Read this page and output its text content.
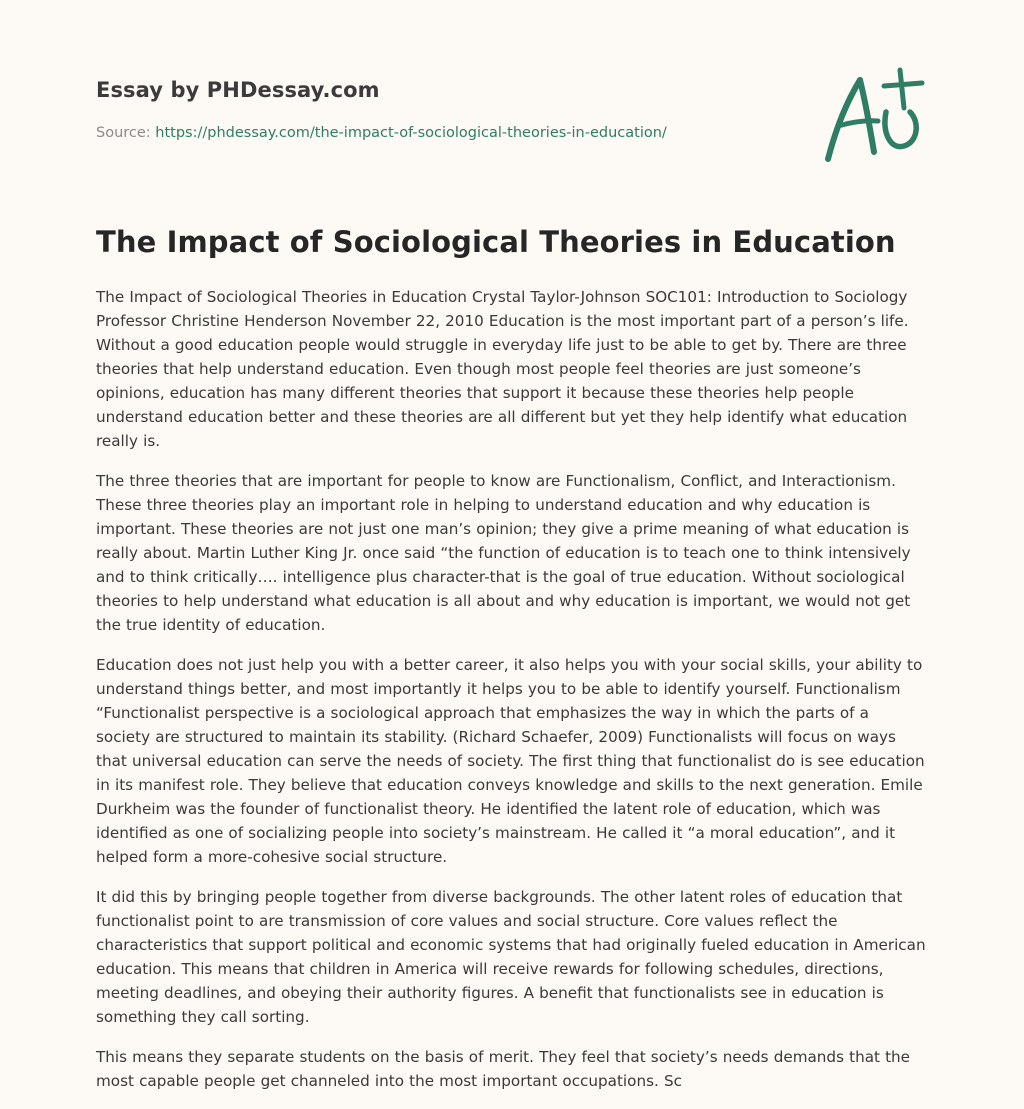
Essay by PHDessay.com
Source: https://phdessay.com/the-impact-of-sociological-theories-in-education/
The Impact of Sociological Theories in Education

The Impact of Sociological Theories in Education Crystal Taylor-Johnson SOC101: Introduction to Sociology Professor Christine Henderson November 22, 2010 Education is the most important part of a person’s life. Without a good education people would struggle in everyday life just to be able to get by. There are three theories that help understand education. Even though most people feel theories are just someone’s opinions, education has many different theories that support it because these theories help people understand education better and these theories are all different but yet they help identify what education really is.

The three theories that are important for people to know are Functionalism, Conflict, and Interactionism. These three theories play an important role in helping to understand education and why education is important. These theories are not just one man’s opinion; they give a prime meaning of what education is really about. Martin Luther King Jr. once said “the function of education is to teach one to think intensively and to think critically…. intelligence plus character-that is the goal of true education. Without sociological theories to help understand what education is all about and why education is important, we would not get the true identity of education.

Education does not just help you with a better career, it also helps you with your social skills, your ability to understand things better, and most importantly it helps you to be able to identify yourself. Functionalism “Functionalist perspective is a sociological approach that emphasizes the way in which the parts of a society are structured to maintain its stability. (Richard Schaefer, 2009) Functionalists will focus on ways that universal education can serve the needs of society. The first thing that functionalist do is see education in its manifest role. They believe that education conveys knowledge and skills to the next generation. Emile Durkheim was the founder of functionalist theory. He identified the latent role of education, which was identified as one of socializing people into society’s mainstream. He called it “a moral education”, and it helped form a more-cohesive social structure.

It did this by bringing people together from diverse backgrounds. The other latent roles of education that functionalist point to are transmission of core values and social structure. Core values reflect the characteristics that support political and economic systems that had originally fueled education in American education. This means that children in America will receive rewards for following schedules, directions, meeting deadlines, and obeying their authority figures. A benefit that functionalists see in education is something they call sorting.

This means they separate students on the basis of merit. They feel that society’s needs demands that the most capable people get channeled into the most important occupations. Sc
